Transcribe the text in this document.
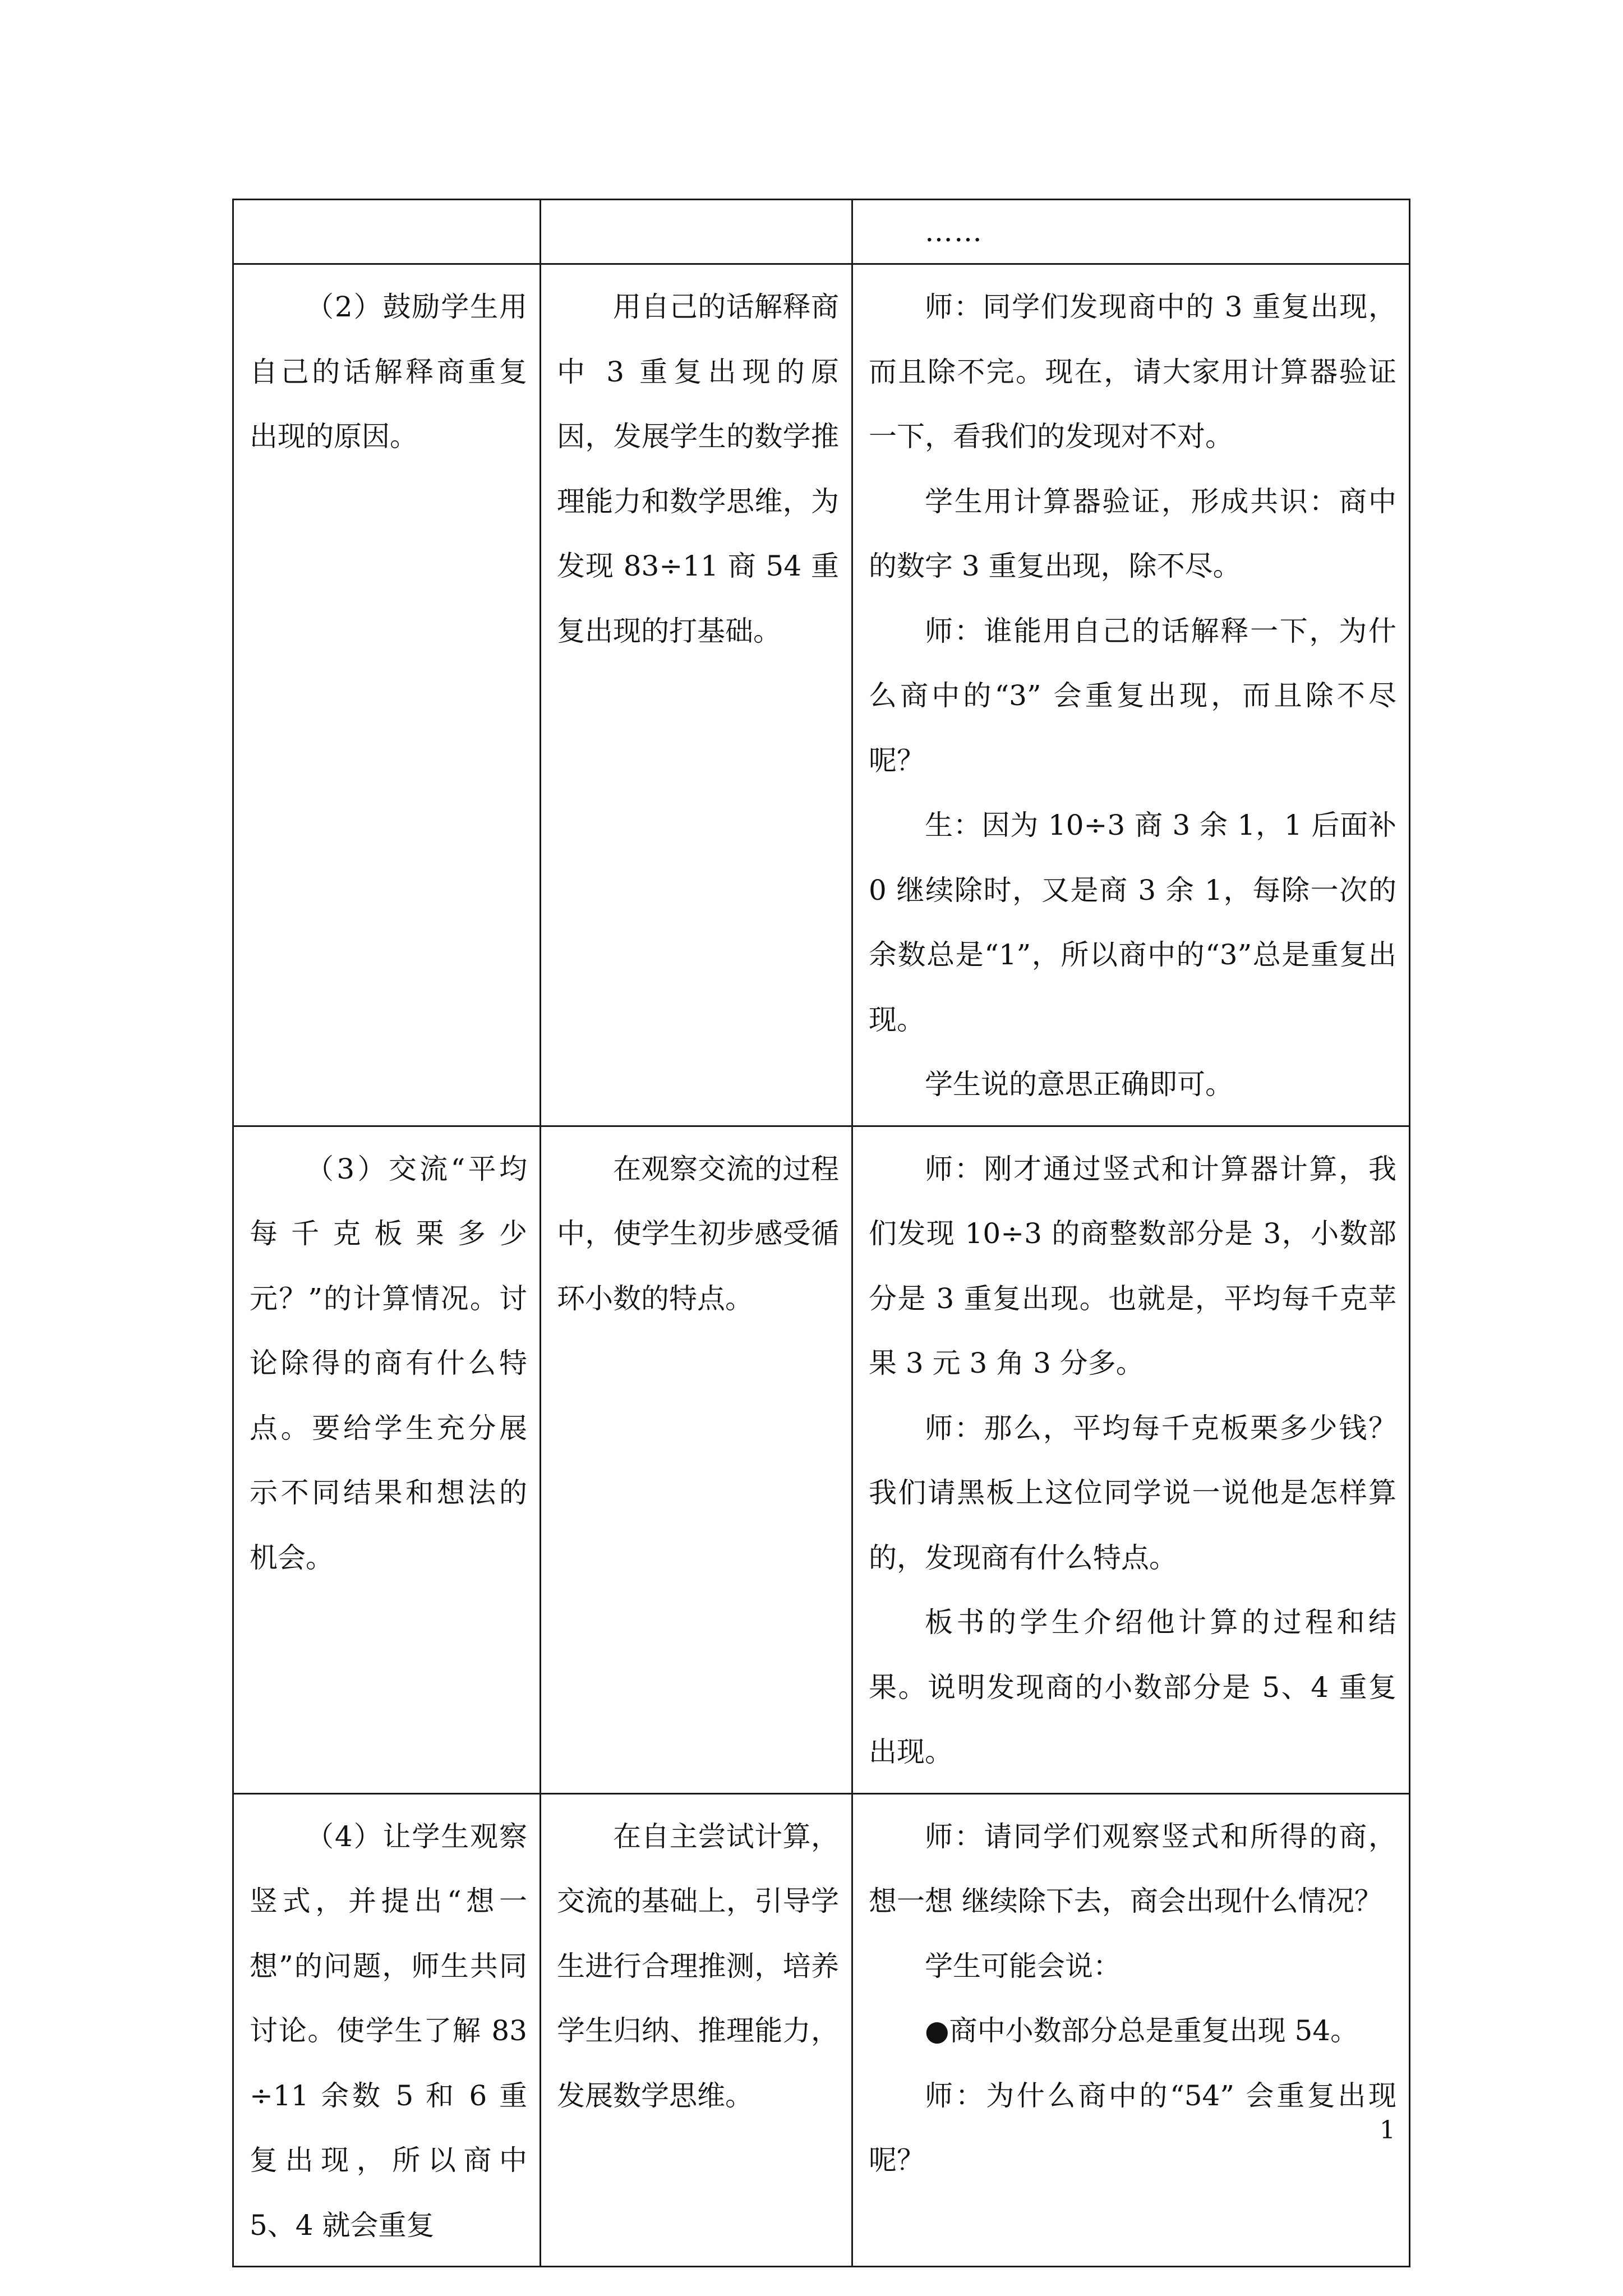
		……

（2）鼓励学生用自己的话解释商重复出现的原因。	用自己的话解释商中 3 重复出现的原因，发展学生的数学推理能力和数学思维，为发现 83÷11 商 54 重复出现的打基础。	师：同学们发现商中的 3 重复出现，而且除不完。现在，请大家用计算器验证一下，看我们的发现对不对。

学生用计算器验证，形成共识：商中的数字 3 重复出现，除不尽。

师：谁能用自己的话解释一下，为什么商中的“3” 会重复出现，而且除不尽呢？

生：因为 10÷3 商 3 余 1，1 后面补 0 继续除时，又是商 3 余 1，每除一次的余数总是“1”，所以商中的“3”总是重复出现。

学生说的意思正确即可。

（3）交流“平均每千克板栗多少元？”的计算情况。讨论除得的商有什么特点。要给学生充分展示不同结果和想法的机会。	在观察交流的过程中，使学生初步感受循环小数的特点。	师：刚才通过竖式和计算器计算，我们发现 10÷3 的商整数部分是 3，小数部分是 3 重复出现。也就是，平均每千克苹果 3 元 3 角 3 分多。

师：那么，平均每千克板栗多少钱？我们请黑板上这位同学说一说他是怎样算的，发现商有什么特点。

板书的学生介绍他计算的过程和结果。说明发现商的小数部分是 5、4 重复出现。

（4）让学生观察竖式，并提出“想一想”的问题，师生共同讨论。使学生了解 83÷11 余数 5 和 6 重复出现，所以商中 5、4 就会重复	在自主尝试计算，交流的基础上，引导学生进行合理推测，培养学生归纳、推理能力，发展数学思维。	师：请同学们观察竖式和所得的商，想一想 继续除下去，商会出现什么情况？

学生可能会说：

●商中小数部分总是重复出现 54。

师：为什么商中的“54” 会重复出现呢？

1
